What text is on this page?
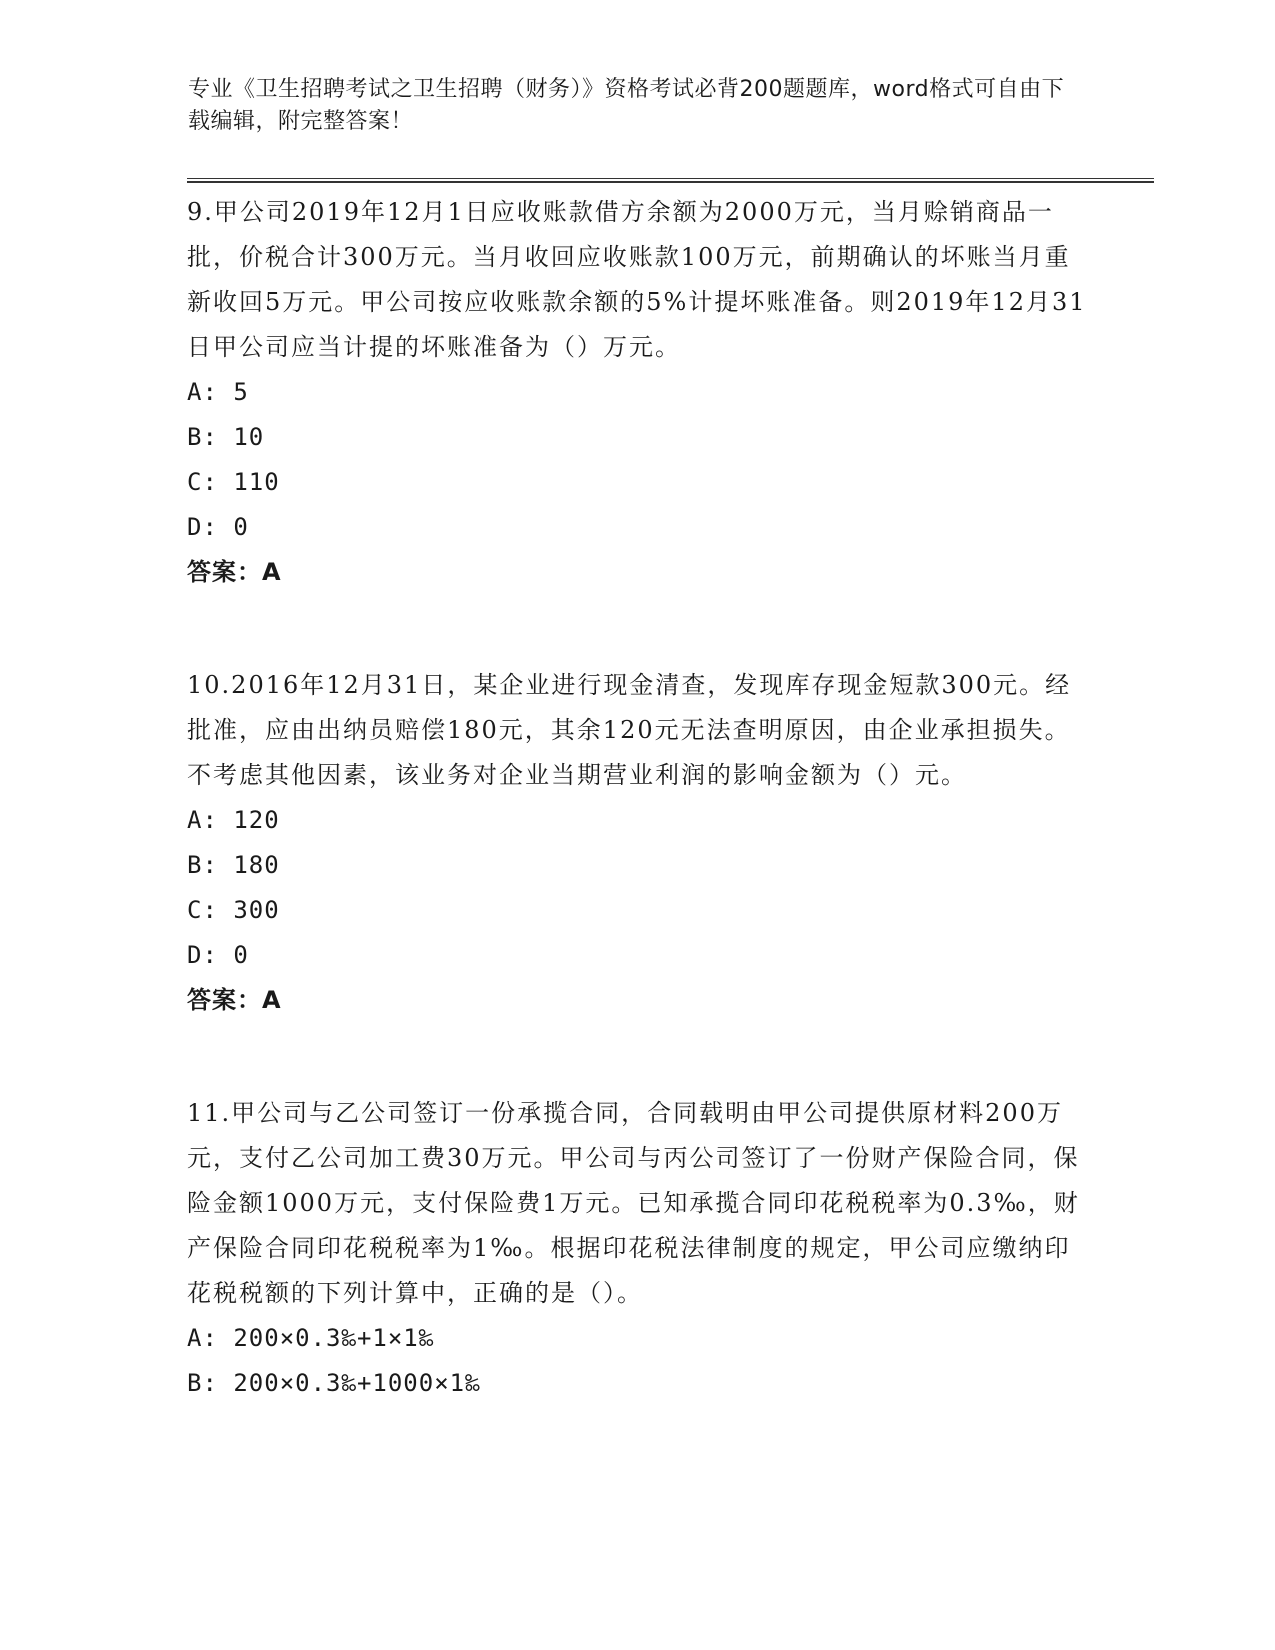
专业《卫生招聘考试之卫生招聘（财务）》资格考试必背200题题库，word格式可自由下载编辑，附完整答案！

9.甲公司2019年12月1日应收账款借方余额为2000万元，当月赊销商品一批，价税合计300万元。当月收回应收账款100万元，前期确认的坏账当月重新收回5万元。甲公司按应收账款余额的5%计提坏账准备。则2019年12月31日甲公司应当计提的坏账准备为（）万元。

A: 5

B: 10

C: 110

D: 0

答案：A

10.2016年12月31日，某企业进行现金清查，发现库存现金短款300元。经批准，应由出纳员赔偿180元，其余120元无法查明原因，由企业承担损失。不考虑其他因素，该业务对企业当期营业利润的影响金额为（）元。

A: 120

B: 180

C: 300

D: 0

答案：A

11.甲公司与乙公司签订一份承揽合同，合同载明由甲公司提供原材料200万元，支付乙公司加工费30万元。甲公司与丙公司签订了一份财产保险合同，保险金额1000万元，支付保险费1万元。已知承揽合同印花税税率为0.3‰，财产保险合同印花税税率为1‰。根据印花税法律制度的规定，甲公司应缴纳印花税税额的下列计算中，正确的是（）。

A: 200×0.3‰+1×1‰

B: 200×0.3‰+1000×1‰
